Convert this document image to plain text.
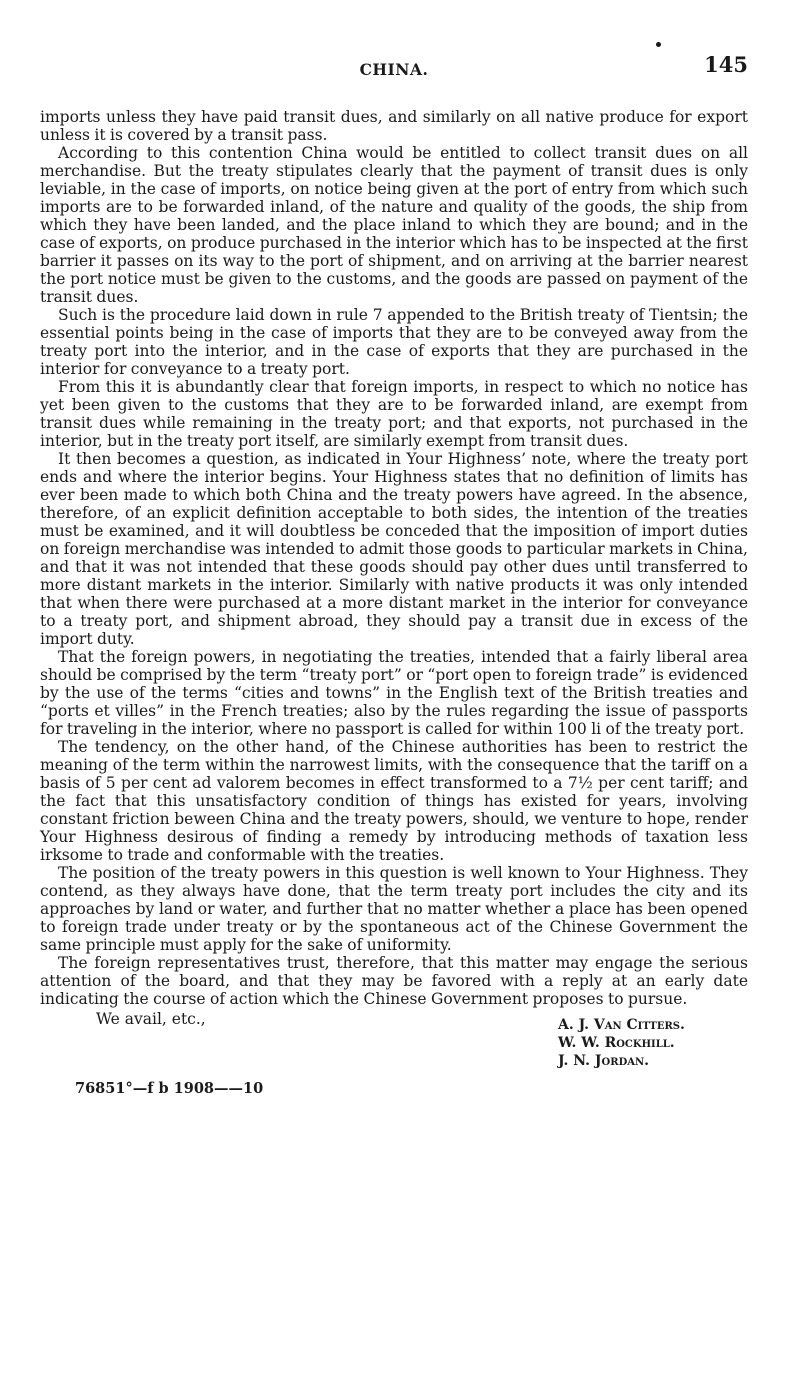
CHINA.	145

imports unless they have paid transit dues, and similarly on all native produce for export unless it is covered by a transit pass.

According to this contention China would be entitled to collect transit dues on all merchandise. But the treaty stipulates clearly that the payment of transit dues is only leviable, in the case of imports, on notice being given at the port of entry from which such imports are to be forwarded inland, of the nature and quality of the goods, the ship from which they have been landed, and the place inland to which they are bound; and in the case of exports, on produce purchased in the interior which has to be inspected at the first barrier it passes on its way to the port of shipment, and on arriving at the barrier nearest the port notice must be given to the customs, and the goods are passed on payment of the transit dues.

Such is the procedure laid down in rule 7 appended to the British treaty of Tientsin; the essential points being in the case of imports that they are to be conveyed away from the treaty port into the interior, and in the case of exports that they are purchased in the interior for conveyance to a treaty port.

From this it is abundantly clear that foreign imports, in respect to which no notice has yet been given to the customs that they are to be forwarded inland, are exempt from transit dues while remaining in the treaty port; and that exports, not purchased in the interior, but in the treaty port itself, are similarly exempt from transit dues.

It then becomes a question, as indicated in Your Highness’ note, where the treaty port ends and where the interior begins. Your Highness states that no definition of limits has ever been made to which both China and the treaty powers have agreed. In the absence, therefore, of an explicit definition acceptable to both sides, the intention of the treaties must be examined, and it will doubtless be conceded that the imposition of import duties on foreign merchandise was intended to admit those goods to particular markets in China, and that it was not intended that these goods should pay other dues until transferred to more distant markets in the interior. Similarly with native products it was only intended that when there were purchased at a more distant market in the interior for conveyance to a treaty port, and shipment abroad, they should pay a transit due in excess of the import duty.

That the foreign powers, in negotiating the treaties, intended that a fairly liberal area should be comprised by the term “treaty port” or “port open to foreign trade” is evidenced by the use of the terms “cities and towns” in the English text of the British treaties and “ports et villes” in the French treaties; also by the rules regarding the issue of passports for traveling in the interior, where no passport is called for within 100 li of the treaty port.

The tendency, on the other hand, of the Chinese authorities has been to restrict the meaning of the term within the narrowest limits, with the consequence that the tariff on a basis of 5 per cent ad valorem becomes in effect transformed to a 7½ per cent tariff; and the fact that this unsatisfactory condition of things has existed for years, involving constant friction beween China and the treaty powers, should, we venture to hope, render Your Highness desirous of finding a remedy by introducing methods of taxation less irksome to trade and conformable with the treaties.

The position of the treaty powers in this question is well known to Your Highness. They contend, as they always have done, that the term treaty port includes the city and its approaches by land or water, and further that no matter whether a place has been opened to foreign trade under treaty or by the spontaneous act of the Chinese Government the same principle must apply for the sake of uniformity.

The foreign representatives trust, therefore, that this matter may engage the serious attention of the board, and that they may be favored with a reply at an early date indicating the course of action which the Chinese Government proposes to pursue.

We avail, etc.,	A. J. Van Citters.
W. W. Rockhill.
J. N. Jordan.
76851°—f b 1908——10
